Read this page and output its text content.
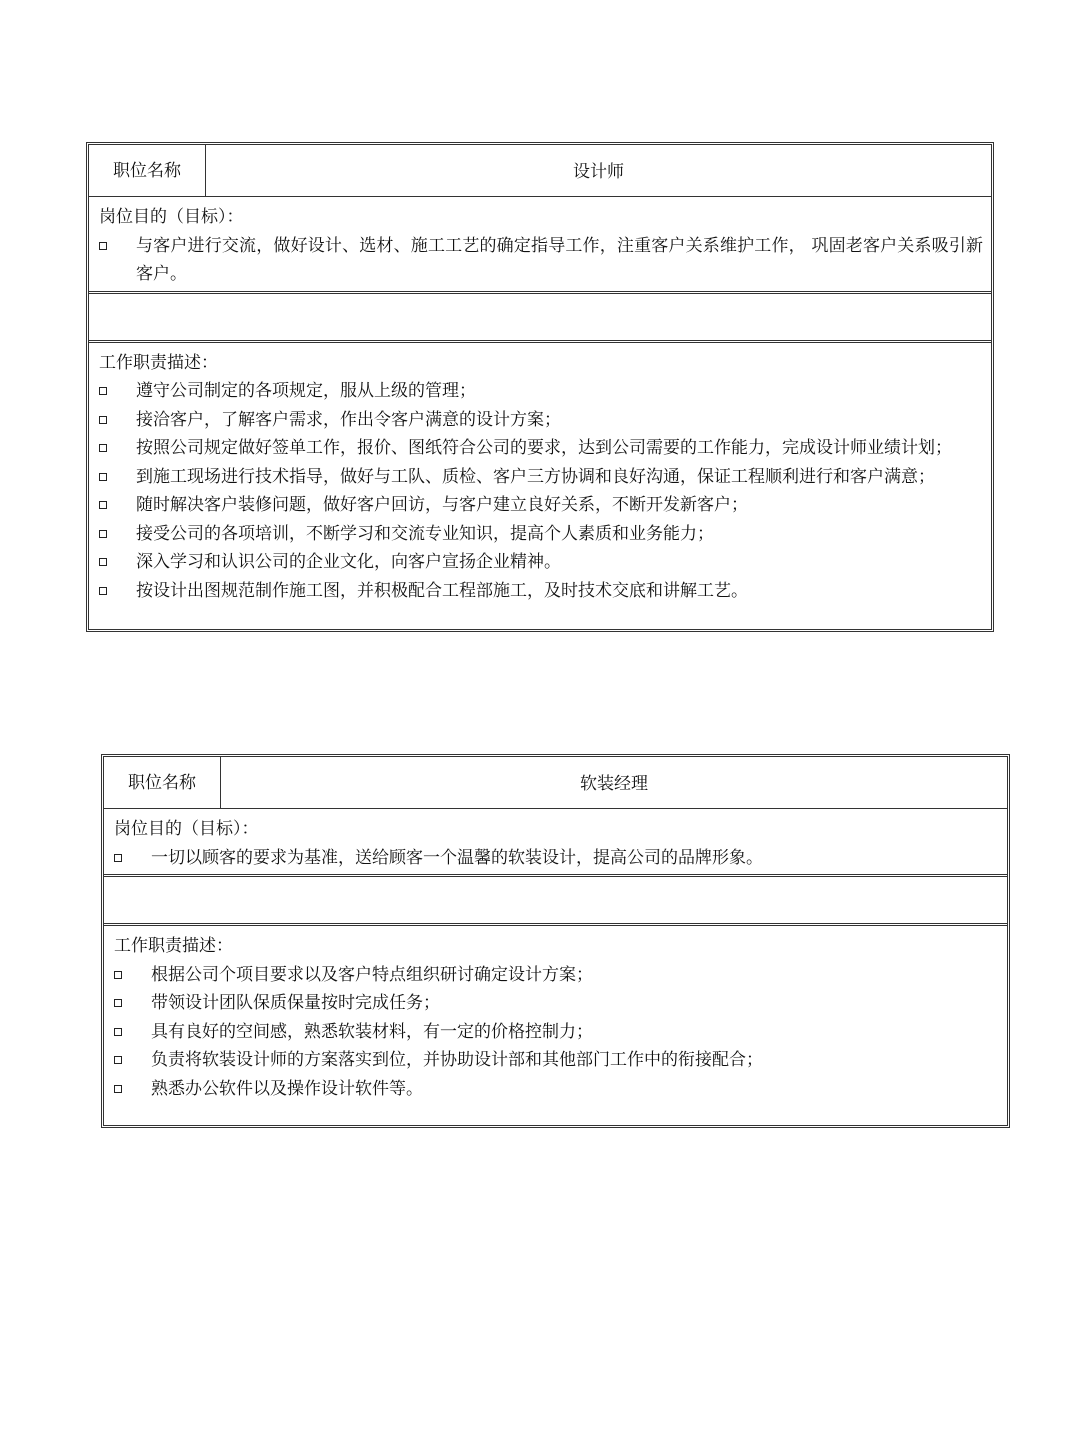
职位名称	设计师

岗位目的（目标）：

与客户进行交流，做好设计、选材、施工工艺的确定指导工作，注重客户关系维护工作， 巩固老客户关系吸引新客户。

工作职责描述：

遵守公司制定的各项规定，服从上级的管理；
接洽客户，了解客户需求，作出令客户满意的设计方案；
按照公司规定做好签单工作，报价、图纸符合公司的要求，达到公司需要的工作能力，完成设计师业绩计划；
到施工现场进行技术指导，做好与工队、质检、客户三方协调和良好沟通，保证工程顺利进行和客户满意；
随时解决客户装修问题，做好客户回访，与客户建立良好关系，不断开发新客户；
接受公司的各项培训，不断学习和交流专业知识，提高个人素质和业务能力；
深入学习和认识公司的企业文化，向客户宣扬企业精神。
按设计出图规范制作施工图，并积极配合工程部施工，及时技术交底和讲解工艺。
职位名称	软装经理

岗位目的（目标）：

一切以顾客的要求为基准，送给顾客一个温馨的软装设计，提高公司的品牌形象。

工作职责描述：

根据公司个项目要求以及客户特点组织研讨确定设计方案；
带领设计团队保质保量按时完成任务；
具有良好的空间感，熟悉软装材料，有一定的价格控制力；
负责将软装设计师的方案落实到位，并协助设计部和其他部门工作中的衔接配合；
熟悉办公软件以及操作设计软件等。
